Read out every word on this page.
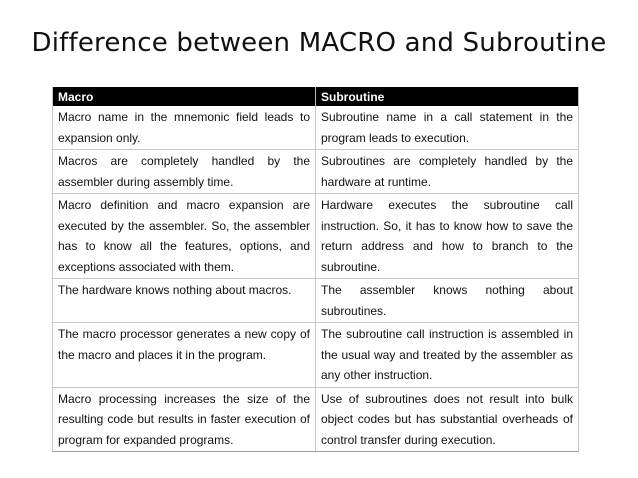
Difference between MACRO and Subroutine
Macro	Subroutine
Macro name in the mnemonic field leads to expansion only.	Subroutine name in a call statement in the program leads to execution.
Macros are completely handled by the assembler during assembly time.	Subroutines are completely handled by the hardware at runtime.
Macro definition and macro expansion are executed by the assembler. So, the assembler has to know all the features, options, and exceptions associated with them.	Hardware executes the subroutine call instruction. So, it has to know how to save the return address and how to branch to the subroutine.
The hardware knows nothing about macros.	The assembler knows nothing about subroutines.
The macro processor generates a new copy of the macro and places it in the program.	The subroutine call instruction is assembled in the usual way and treated by the assembler as any other instruction.
Macro processing increases the size of the resulting code but results in faster execution of program for expanded programs.	Use of subroutines does not result into bulk object codes but has substantial overheads of control transfer during execution.
